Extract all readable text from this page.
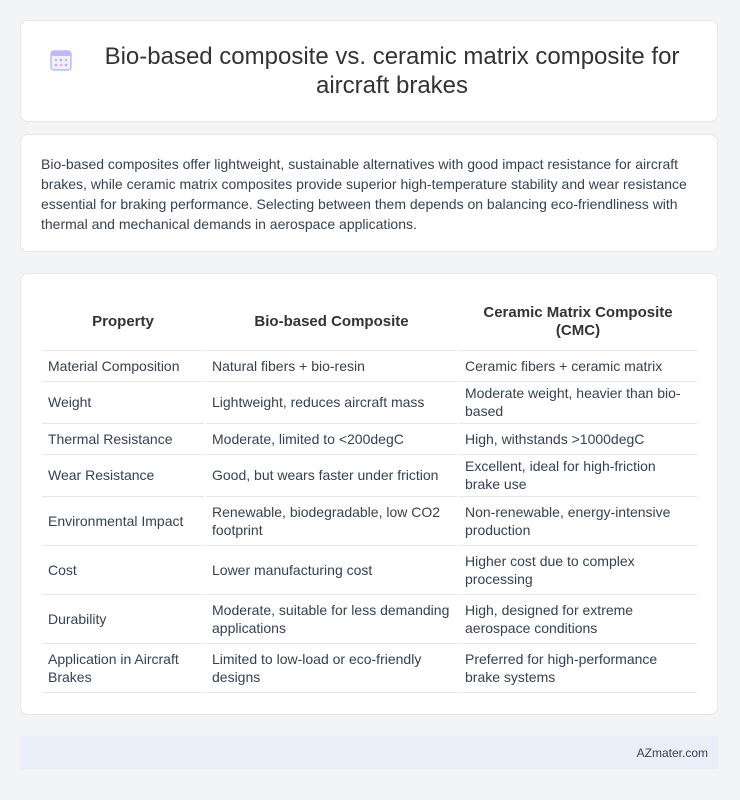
Bio-based composite vs. ceramic matrix composite for aircraft brakes

Bio-based composites offer lightweight, sustainable alternatives with good impact resistance for aircraft brakes, while ceramic matrix composites provide superior high-temperature stability and wear resistance essential for braking performance. Selecting between them depends on balancing eco-friendliness with thermal and mechanical demands in aerospace applications.

Property	Bio-based Composite	Ceramic Matrix Composite (CMC)
Material Composition	Natural fibers + bio-resin	Ceramic fibers + ceramic matrix
Weight	Lightweight, reduces aircraft mass	Moderate weight, heavier than bio-based
Thermal Resistance	Moderate, limited to <200degC	High, withstands >1000degC
Wear Resistance	Good, but wears faster under friction	Excellent, ideal for high-friction brake use
Environmental Impact	Renewable, biodegradable, low CO2 footprint	Non-renewable, energy-intensive production
Cost	Lower manufacturing cost	Higher cost due to complex processing
Durability	Moderate, suitable for less demanding applications	High, designed for extreme aerospace conditions
Application in Aircraft Brakes	Limited to low-load or eco-friendly designs	Preferred for high-performance brake systems
AZmater.com
